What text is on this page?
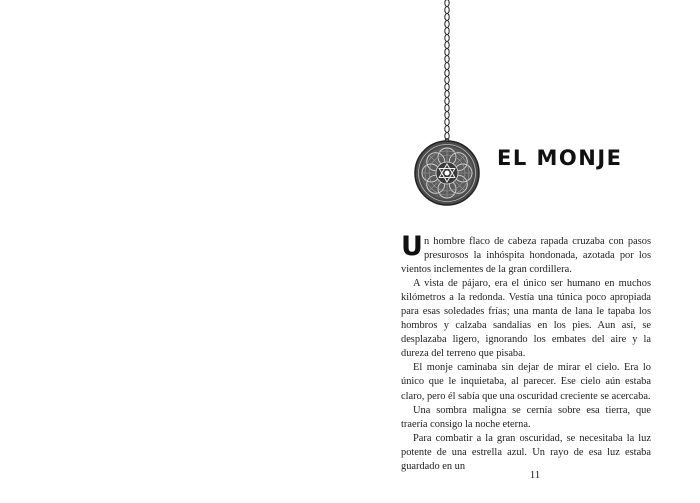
EL MONJE

Un hombre flaco de cabeza rapada cruzaba con pasos presurosos la inhóspita hondonada, azotada por los vientos inclementes de la gran cordillera.

A vista de pájaro, era el único ser humano en muchos kilómetros a la redonda. Vestía una túnica poco apropiada para esas soledades frías; una manta de lana le tapaba los hombros y calzaba sandalias en los pies. Aun así, se desplazaba ligero, ignorando los embates del aire y la dureza del terreno que pisaba.

El monje caminaba sin dejar de mirar el cielo. Era lo único que le inquietaba, al parecer. Ese cielo aún estaba claro, pero él sabía que una oscuridad creciente se acercaba.

Una sombra maligna se cernía sobre esa tierra, que traería consigo la noche eterna.

Para combatir a la gran oscuridad, se necesitaba la luz potente de una estrella azul. Un rayo de esa luz estaba guardado en un

11
